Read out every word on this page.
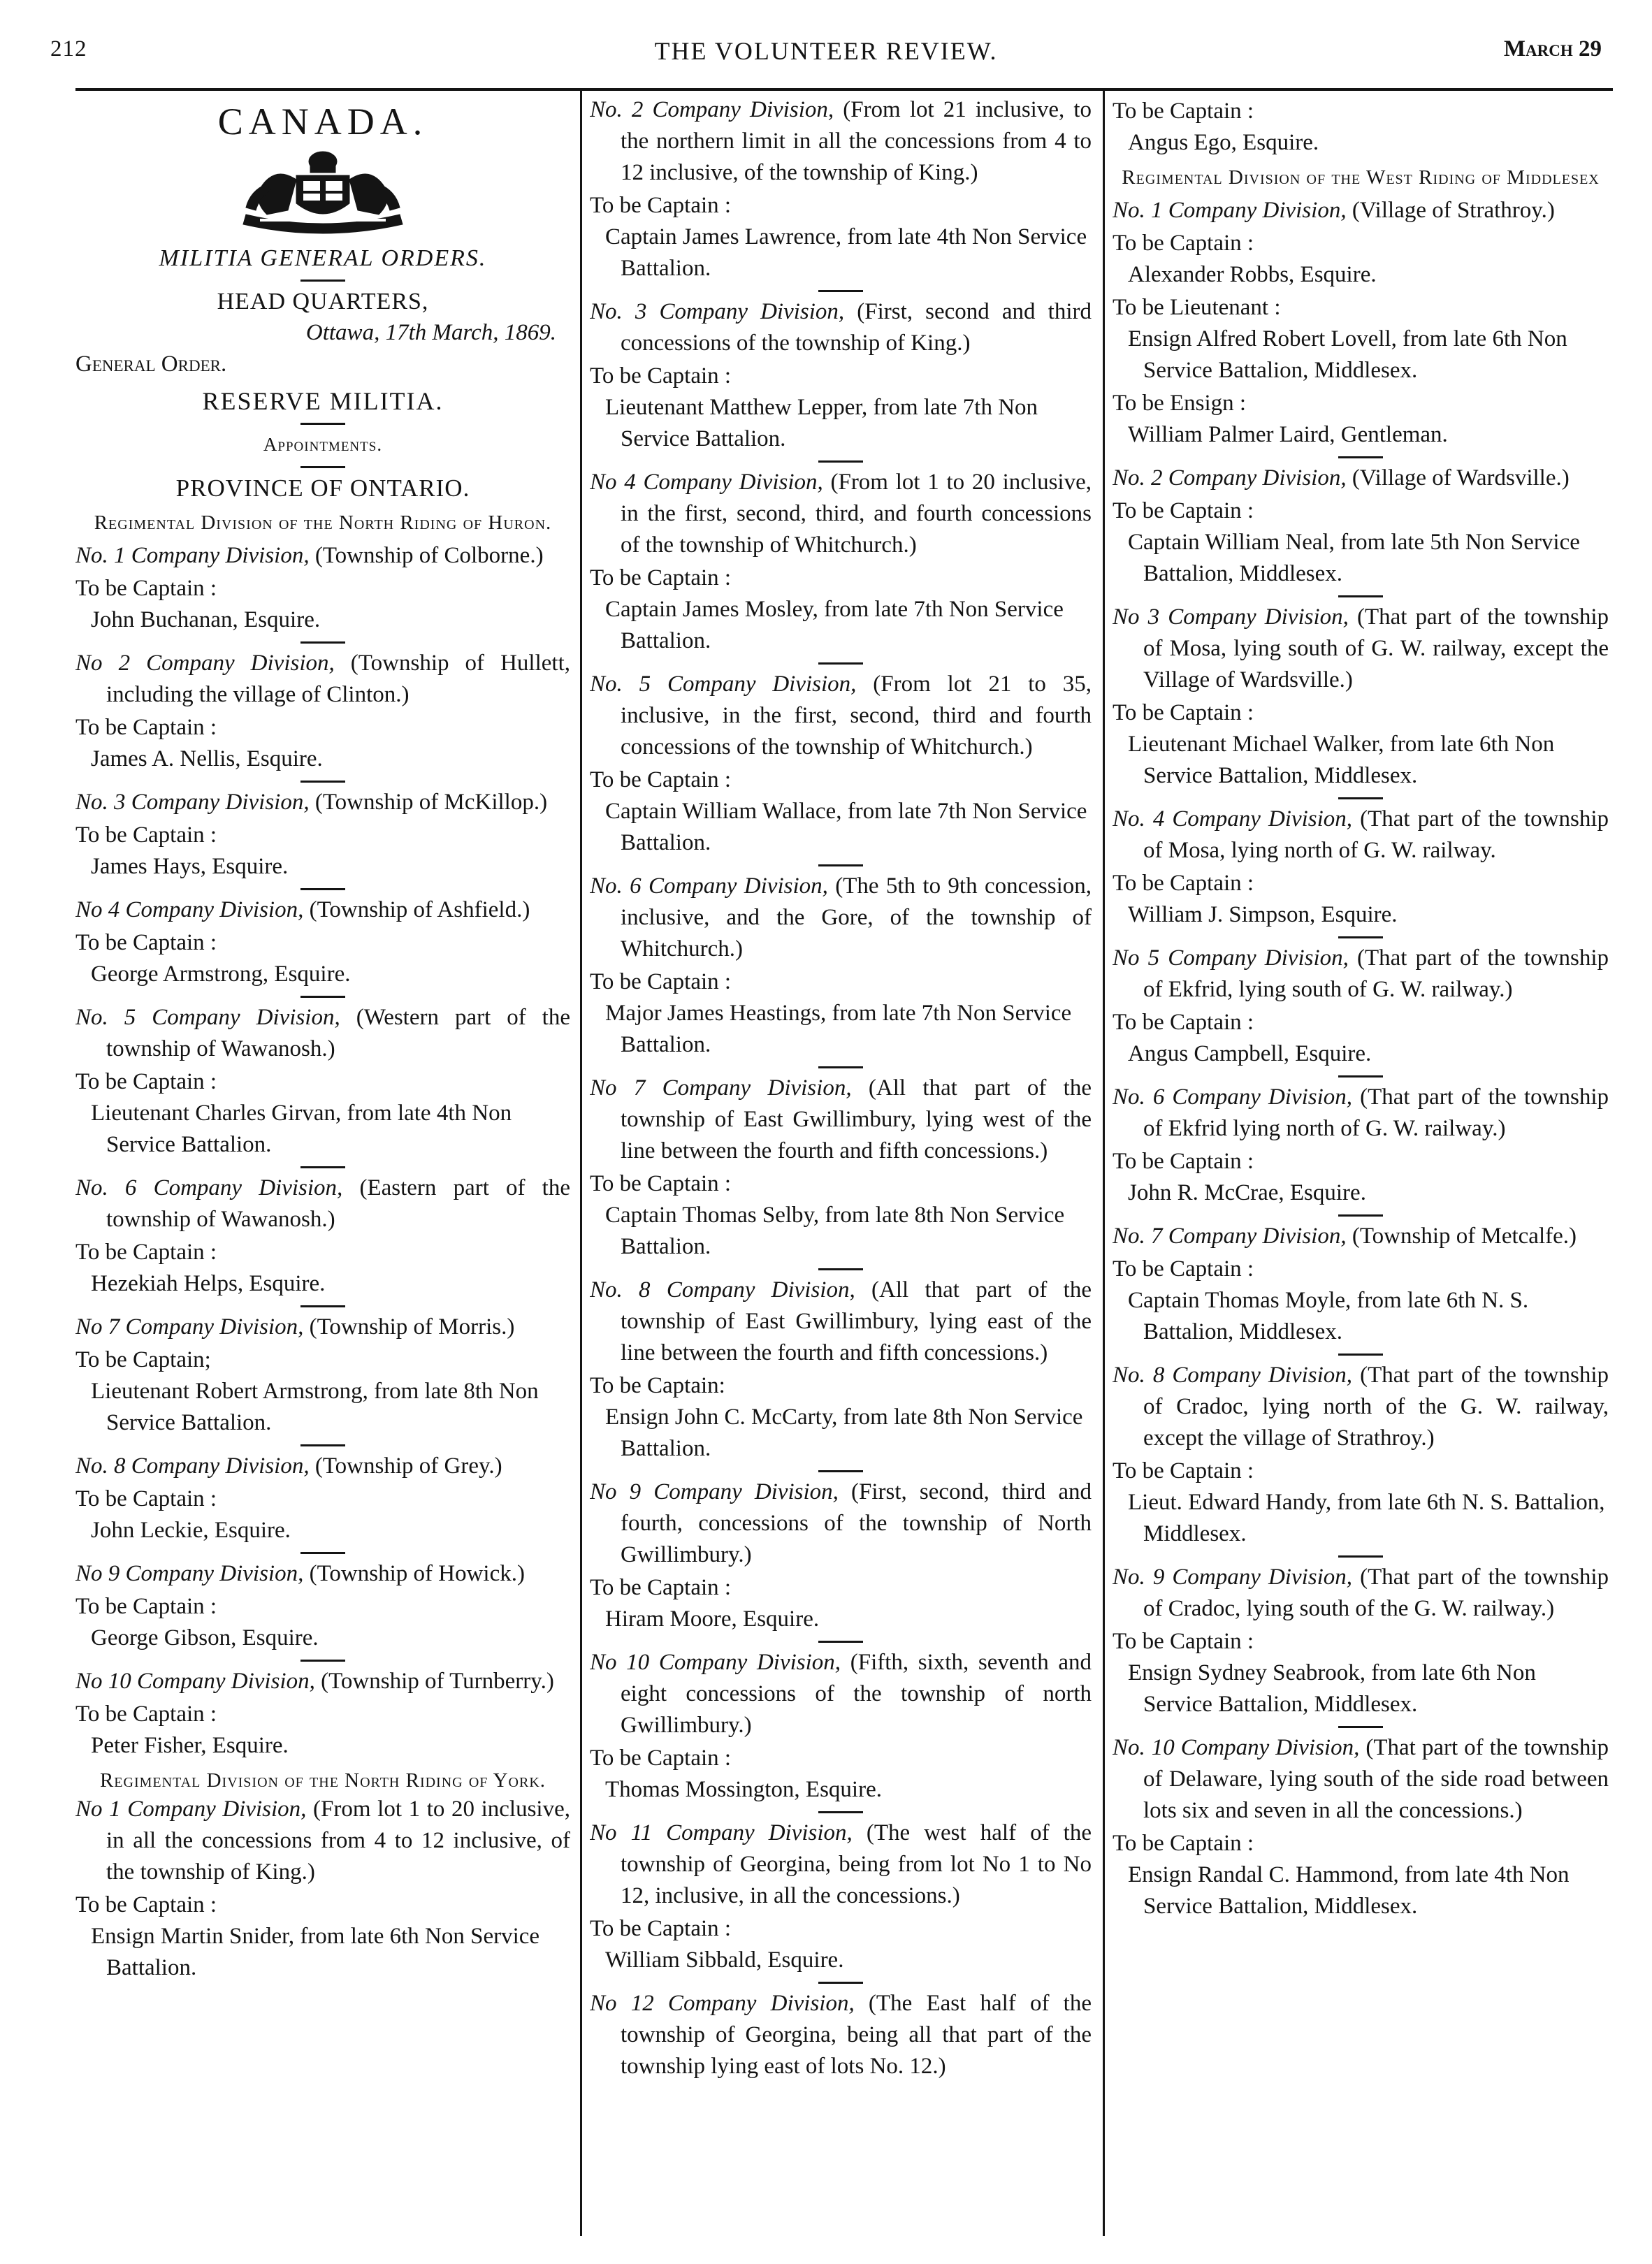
212	THE VOLUNTEER REVIEW.	March 29

CANADA.

MILITIA GENERAL ORDERS.

HEAD QUARTERS,

Ottawa, 17th March, 1869.

General Order.

RESERVE MILITIA.

Appointments.

PROVINCE OF ONTARIO.

Regimental Division of the North Riding of Huron.

No. 1 Company Division, (Township of Colborne.)

To be Captain :

John Buchanan, Esquire.

No 2 Company Division, (Township of Hullett, including the village of Clinton.)

To be Captain :

James A. Nellis, Esquire.

No. 3 Company Division, (Township of McKillop.)

To be Captain :

James Hays, Esquire.

No 4 Company Division, (Township of Ashfield.)

To be Captain :

George Armstrong, Esquire.

No. 5 Company Division, (Western part of the township of Wawanosh.)

To be Captain :

Lieutenant Charles Girvan, from late 4th Non Service Battalion.

No. 6 Company Division, (Eastern part of the township of Wawanosh.)

To be Captain :

Hezekiah Helps, Esquire.

No 7 Company Division, (Township of Morris.)

To be Captain;

Lieutenant Robert Armstrong, from late 8th Non Service Battalion.

No. 8 Company Division, (Township of Grey.)

To be Captain :

John Leckie, Esquire.

No 9 Company Division, (Township of Howick.)

To be Captain :

George Gibson, Esquire.

No 10 Company Division, (Township of Turnberry.)

To be Captain :

Peter Fisher, Esquire.

Regimental Division of the North Riding of York.

No 1 Company Division, (From lot 1 to 20 inclusive, in all the concessions from 4 to 12 inclusive, of the township of King.)

To be Captain :

Ensign Martin Snider, from late 6th Non Service Battalion.

No. 2 Company Division, (From lot 21 inclusive, to the northern limit in all the concessions from 4 to 12 inclusive, of the township of King.)

To be Captain :

Captain James Lawrence, from late 4th Non Service Battalion.

No. 3 Company Division, (First, second and third concessions of the township of King.)

To be Captain :

Lieutenant Matthew Lepper, from late 7th Non Service Battalion.

No 4 Company Division, (From lot 1 to 20 inclusive, in the first, second, third, and fourth concessions of the township of Whitchurch.)

To be Captain :

Captain James Mosley, from late 7th Non Service Battalion.

No. 5 Company Division, (From lot 21 to 35, inclusive, in the first, second, third and fourth concessions of the township of Whitchurch.)

To be Captain :

Captain William Wallace, from late 7th Non Service Battalion.

No. 6 Company Division, (The 5th to 9th concession, inclusive, and the Gore, of the township of Whitchurch.)

To be Captain :

Major James Heastings, from late 7th Non Service Battalion.

No 7 Company Division, (All that part of the township of East Gwillimbury, lying west of the line between the fourth and fifth concessions.)

To be Captain :

Captain Thomas Selby, from late 8th Non Service Battalion.

No. 8 Company Division, (All that part of the township of East Gwillimbury, lying east of the line between the fourth and fifth concessions.)

To be Captain:

Ensign John C. McCarty, from late 8th Non Service Battalion.

No 9 Company Division, (First, second, third and fourth, concessions of the township of North Gwillimbury.)

To be Captain :

Hiram Moore, Esquire.

No 10 Company Division, (Fifth, sixth, seventh and eight concessions of the township of north Gwillimbury.)

To be Captain :

Thomas Mossington, Esquire.

No 11 Company Division, (The west half of the township of Georgina, being from lot No 1 to No 12, inclusive, in all the concessions.)

To be Captain :

William Sibbald, Esquire.

No 12 Company Division, (The East half of the township of Georgina, being all that part of the township lying east of lots No. 12.)

To be Captain :

Angus Ego, Esquire.

Regimental Division of the West Riding of Middlesex

No. 1 Company Division, (Village of Strathroy.)

To be Captain :

Alexander Robbs, Esquire.

To be Lieutenant :

Ensign Alfred Robert Lovell, from late 6th Non Service Battalion, Middlesex.

To be Ensign :

William Palmer Laird, Gentleman.

No. 2 Company Division, (Village of Wardsville.)

To be Captain :

Captain William Neal, from late 5th Non Service Battalion, Middlesex.

No 3 Company Division, (That part of the township of Mosa, lying south of G. W. railway, except the Village of Wardsville.)

To be Captain :

Lieutenant Michael Walker, from late 6th Non Service Battalion, Middlesex.

No. 4 Company Division, (That part of the township of Mosa, lying north of G. W. railway.

To be Captain :

William J. Simpson, Esquire.

No 5 Company Division, (That part of the township of Ekfrid, lying south of G. W. railway.)

To be Captain :

Angus Campbell, Esquire.

No. 6 Company Division, (That part of the township of Ekfrid lying north of G. W. railway.)

To be Captain :

John R. McCrae, Esquire.

No. 7 Company Division, (Township of Metcalfe.)

To be Captain :

Captain Thomas Moyle, from late 6th N. S. Battalion, Middlesex.

No. 8 Company Division, (That part of the township of Cradoc, lying north of the G. W. railway, except the village of Strathroy.)

To be Captain :

Lieut. Edward Handy, from late 6th N. S. Battalion, Middlesex.

No. 9 Company Division, (That part of the township of Cradoc, lying south of the G. W. railway.)

To be Captain :

Ensign Sydney Seabrook, from late 6th Non Service Battalion, Middlesex.

No. 10 Company Division, (That part of the township of Delaware, lying south of the side road between lots six and seven in all the concessions.)

To be Captain :

Ensign Randal C. Hammond, from late 4th Non Service Battalion, Middlesex.
